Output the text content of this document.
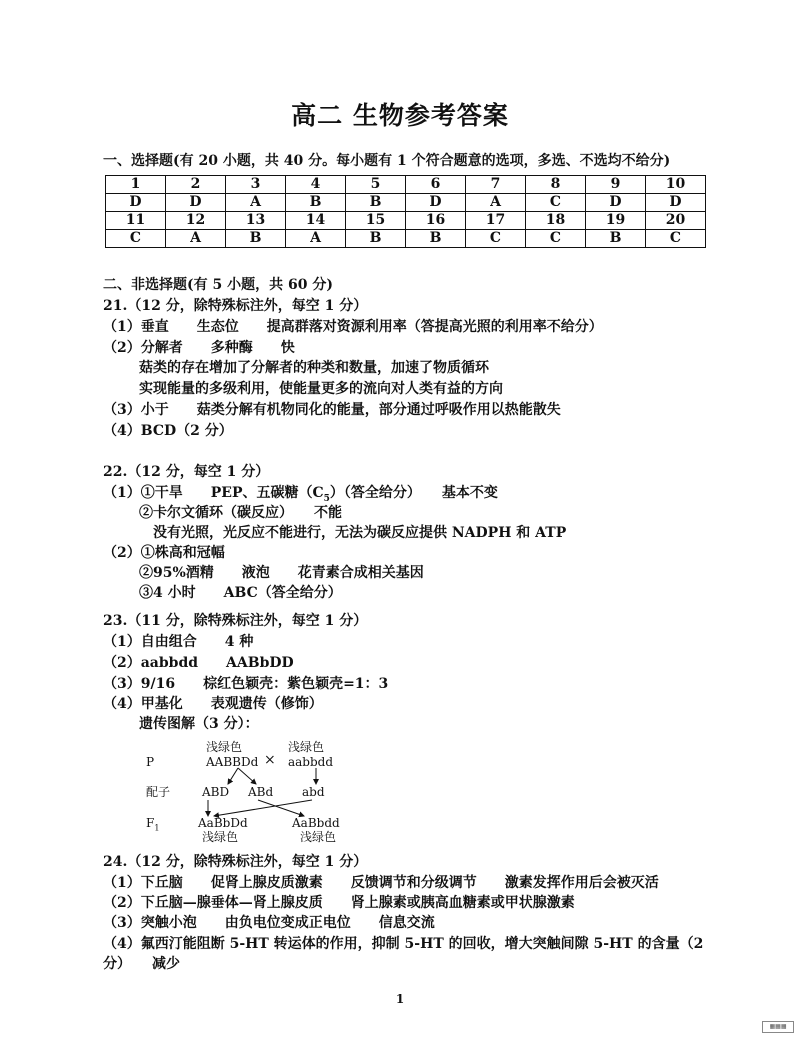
高二 生物参考答案
一、选择题(有 20 小题，共 40 分。每小题有 1 个符合题意的选项，多选、不选均不给分)
1	2	3	4	5	6	7	8	9	10
D	D	A	B	B	D	A	C	D	D
11	12	13	14	15	16	17	18	19	20
C	A	B	A	B	B	C	C	B	C
二、非选择题(有 5 小题，共 60 分)
21.（12 分，除特殊标注外，每空 1 分）
（1）垂直　　生态位　　提高群落对资源利用率（答提高光照的利用率不给分）
（2）分解者　　多种酶　　快
菇类的存在增加了分解者的种类和数量，加速了物质循环
实现能量的多级利用，使能量更多的流向对人类有益的方向
（3）小于　　菇类分解有机物同化的能量，部分通过呼吸作用以热能散失
（4）BCD（2 分）
22.（12 分，每空 1 分）
（1）①干旱　　PEP、五碳糖$(C_5)$（答全给分）　　基本不变
②卡尔文循环（碳反应）　　不能
没有光照，光反应不能进行，无法为碳反应提供 NADPH 和 ATP
（2）①株高和冠幅
②95%酒精　　液泡　　花青素合成相关基因
③4 小时　　ABC（答全给分）
23.（11 分，除特殊标注外，每空 1 分）
（1）自由组合　　4 种
（2）aabbdd　　AABbDD
（3）9/16　　棕红色颖壳：紫色颖壳=1：3
（4）甲基化　　表观遗传（修饰）
遗传图解（3 分）：
浅绿色	浅绿色
P	AABBDd × aabbdd
配子	ABD ABd abd
$F_1$	AaBbDd	AaBbdd
浅绿色	浅绿色
24.（12 分，除特殊标注外，每空 1 分）
（1）下丘脑　　促肾上腺皮质激素　　反馈调节和分级调节　　激素发挥作用后会被灭活
（2）下丘脑—腺垂体—肾上腺皮质　　肾上腺素或胰高血糖素或甲状腺激素
（3）突触小泡　　由负电位变成正电位　　信息交流
（4）氟西汀能阻断 5-HT 转运体的作用，抑制 5-HT 的回收，增大突触间隙 5-HT 的含量（2
分）　　减少
1
▦▦▦
